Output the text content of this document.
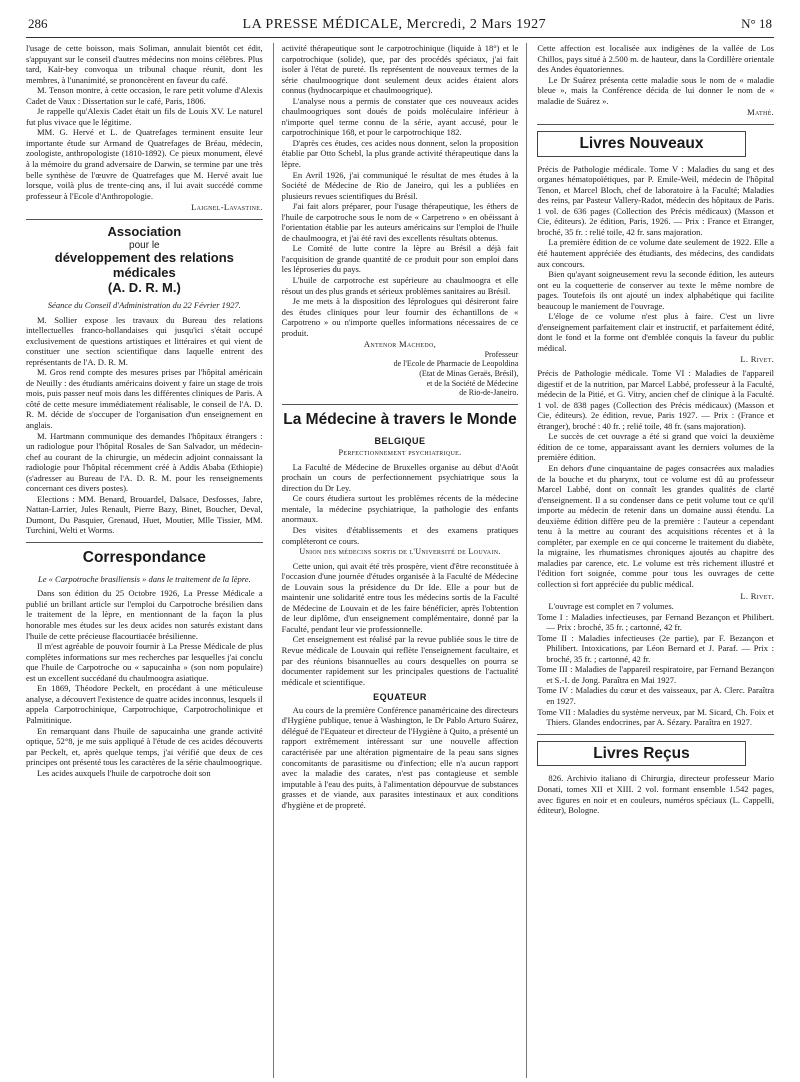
286	LA PRESSE MÉDICALE, Mercredi, 2 Mars 1927	N° 18

l'usage de cette boisson, mais Soliman, annulait bientôt cet édit, s'appuyant sur le conseil d'autres médecins non moins célèbres. Plus tard, Kaïr-bey convoqua un tribunal chaque réunit, dont les membres, à l'unanimité, se prononcèrent en faveur du café.

M. Tenson montre, à cette occasion, le rare petit volume d'Alexis Cadet de Vaux : Dissertation sur le café, Paris, 1806.

Je rappelle qu'Alexis Cadet était un fils de Louis XV. Le naturel fut plus vivace que le légitime.

MM. G. Hervé et L. de Quatrefages terminent ensuite leur importante étude sur Armand de Quatrefages de Bréau, médecin, zoologiste, anthropologiste (1810-1892). Ce pieux monument, élevé à la mémoire du grand adversaire de Darwin, se termine par une très belle synthèse de l'œuvre de Quatrefages que M. Hervé avait lue lorsque, voilà plus de trente-cinq ans, il lui avait succédé comme professeur à l'Ecole d'Anthropologie.

Laignel-Lavastine.
Association
pour le
développement des relations médicales
(A. D. R. M.)
Séance du Conseil d'Administration du 22 Février 1927.

M. Sollier expose les travaux du Bureau des relations intellectuelles franco-hollandaises qui jusqu'ici s'était occupé exclusivement de questions artistiques et littéraires et qui vient de constituer une section scientifique dans laquelle entrent des représentants de l'A. D. R. M.

M. Gros rend compte des mesures prises par l'hôpital américain de Neuilly : des étudiants américains doivent y faire un stage de trois mois, puis passer neuf mois dans les différentes cliniques de Paris. A côté de cette mesure immédiatement réalisable, le conseil de l'A. D. R. M. décide de s'occuper de l'organisation d'un enseignement en anglais.

M. Hartmann communique des demandes l'hôpitaux étrangers : un radiologue pour l'hôpital Rosales de San Salvador, un médecin-chef au courant de la chirurgie, un médecin adjoint connaissant la radiologie pour l'hôpital récemment créé à Addis Ababa (Ethiopie) (s'adresser au Bureau de l'A. D. R. M. pour les renseignements concernant ces divers postes).

Elections : MM. Benard, Brouardel, Dalsace, Desfosses, Jabre, Nattan-Larrier, Jules Renault, Pierre Bazy, Binet, Boucher, Deval, Dumont, Du Pasquier, Grenaud, Huet, Moutier, Mlle Tissier, MM. Turchini, Welti et Worms.

Correspondance
Le « Carpotroche brasiliensis » dans le traitement de la lèpre.

Dans son édition du 25 Octobre 1926, La Presse Médicale a publié un brillant article sur l'emploi du Carpotroche brésilien dans le traitement de la lèpre, en mentionnant de la façon la plus honorable mes études sur les deux acides non saturés existant dans l'huile de cette précieuse flacourtiacée brésilienne.

Il m'est agréable de pouvoir fournir à La Presse Médicale de plus complètes informations sur mes recherches par lesquelles j'ai conclu que l'huile de Carpotroche ou « sapucainha » (son nom populaire) est un excellent succédané du chaulmoogra asiatique.

En 1869, Théodore Peckelt, en procédant à une méticuleuse analyse, a découvert l'existence de quatre acides inconnus, lesquels il appela Carpotrochinique, Carpotrochique, Carpotrocholinique et Palmitinique.

En remarquant dans l'huile de sapucainha une grande activité optique, 52°8, je me suis appliqué à l'étude de ces acides découverts par Peckelt, et, après quelque temps, j'ai vérifié que deux de ces principes ont présenté tous les caractères de la série chaulmoogrique.

Les acides auxquels l'huile de carpotroche doit son

activité thérapeutique sont le carpotrochinique (liquide à 18°) et le carpotrochique (solide), que, par des procédés spéciaux, j'ai fait isoler à l'état de pureté. Ils représentent de nouveaux termes de la série chaulmoogrique dont seulement deux acides étaient alors connus (hydnocarpique et chaulmoogrique).

L'analyse nous a permis de constater que ces nouveaux acides chaulmoogriques sont doués de poids moléculaire inférieur à n'importe quel terme connu de la série, ayant accusé, pour le carpotrochinique 168, et pour le carpotrochique 182.

D'après ces études, ces acides nous donnent, selon la proposition établie par Otto Schebl, la plus grande activité thérapeutique dans la lèpre.

En Avril 1926, j'ai communiqué le résultat de mes études à la Société de Médecine de Rio de Janeiro, qui les a publiées en plusieurs revues scientifiques du Brésil.

J'ai fait alors préparer, pour l'usage thérapeutique, les éthers de l'huile de carpotroche sous le nom de « Carpetreno » en obéissant à l'orientation établie par les auteurs américains sur l'emploi de l'huile de chaulmoogra, et j'ai été ravi des excellents résultats obtenus.

Le Comité de lutte contre la lèpre au Brésil a déjà fait l'acquisition de grande quantité de ce produit pour son emploi dans les léproseries du pays.

L'huile de carpotroche est supérieure au chaulmoogra et elle résout un des plus grands et sérieux problèmes sanitaires au Brésil.

Je me mets à la disposition des léprologues qui désireront faire des études cliniques pour leur fournir des échantillons de « Carpotreno » ou n'importe quelles informations nécessaires de ce produit.

Antenor Machedo,
Professeur
de l'Ecole de Pharmacie de Leopoldina
(Etat de Minas Geraës, Brésil),
et de la Société de Médecine
de Rio-de-Janeiro.
La Médecine à travers le Monde
BELGIQUE
Perfectionnement psychiatrique.

La Faculté de Médecine de Bruxelles organise au début d'Août prochain un cours de perfectionnement psychiatrique sous la direction du Dr Ley.

Ce cours étudiera surtout les problèmes récents de la médecine mentale, la médecine psychiatrique, la pathologie des enfants anormaux.

Des visites d'établissements et des examens pratiques compléteront ce cours.

Union des médecins sortis de l'Université de Louvain.

Cette union, qui avait été très prospère, vient d'être reconstituée à l'occasion d'une journée d'études organisée à la Faculté de Médecine de Louvain sous la présidence du Dr Ide. Elle a pour but de maintenir une solidarité entre tous les médecins sortis de la Faculté de Médecine de Louvain et de les faire bénéficier, après l'obtention de leur diplôme, d'un enseignement complémentaire, donné par la Faculté, pendant leur vie professionnelle.

Cet enseignement est réalisé par la revue publiée sous le titre de Revue médicale de Louvain qui reflète l'enseignement facultaire, et par des réunions bisannuelles au cours desquelles on pourra se documenter rapidement sur les principales questions de l'actualité médicale et scientifique.

EQUATEUR

Au cours de la première Conférence panaméricaine des directeurs d'Hygiène publique, tenue à Washington, le Dr Pablo Arturo Suárez, délégué de l'Equateur et directeur de l'Hygiène à Quito, a présenté un rapport extrêmement intéressant sur une nouvelle affection caractérisée par une altération pigmentaire de la peau sans signes concomitants de parasitisme ou d'infection; elle n'a aucun rapport avec la maladie des carates, n'est pas contagieuse et semble imputable à l'eau des puits, à l'alimentation dépourvue de substances grasses et de viande, aux parasites intestinaux et aux conditions d'hygiène et de propreté.

Cette affection est localisée aux indigènes de la vallée de Los Chillos, pays situé à 2.500 m. de hauteur, dans la Cordillère orientale des Andes équatoriennes.

Le Dr Suárez présenta cette maladie sous le nom de « maladie bleue », mais la Conférence décida de lui donner le nom de « maladie de Suárez ».

Mathé.
Livres Nouveaux

Précis de Pathologie médicale. Tome V : Maladies du sang et des organes hématopoïétiques, par P. Emile-Weil, médecin de l'hôpital Tenon, et Marcel Bloch, chef de laboratoire à la Faculté; Maladies des reins, par Pasteur Vallery-Radot, médecin des hôpitaux de Paris. 1 vol. de 636 pages (Collection des Précis médicaux) (Masson et Cie, éditeurs). 2e édition, Paris, 1926. — Prix : France et Etranger, broché, 35 fr. : relié toile, 42 fr. sans majoration.

La première édition de ce volume date seulement de 1922. Elle a été hautement appréciée des étudiants, des médecins, des candidats aux concours.

Bien qu'ayant soigneusement revu la seconde édition, les auteurs ont eu la coquetterie de conserver au texte le même nombre de pages. Toutefois ils ont ajouté un index alphabétique qui facilite beaucoup le maniement de l'ouvrage.

L'éloge de ce volume n'est plus à faire. C'est un livre d'enseignement parfaitement clair et instructif, et parfaitement édité, dont le fond et la forme ont d'emblée conquis la faveur du public médical.

L. Rivet.

Précis de Pathologie médicale. Tome VI : Maladies de l'appareil digestif et de la nutrition, par Marcel Labbé, professeur à la Faculté, médecin de la Pitié, et G. Vitry, ancien chef de clinique à la Faculté. 1 vol. de 838 pages (Collection des Précis médicaux) (Masson et Cie, éditeurs). 2e édition, revue, Paris 1927. — Prix : (France et étranger), broché : 40 fr. ; relié toile, 48 fr. (sans majoration).

Le succès de cet ouvrage a été si grand que voici la deuxième édition de ce tome, apparaissant avant les derniers volumes de la première édition.

En dehors d'une cinquantaine de pages consacrées aux maladies de la bouche et du pharynx, tout ce volume est dû au professeur Marcel Labbé, dont on connaît les grandes qualités de clarté d'enseignement. Il a su condenser dans ce petit volume tout ce qu'il importe au médecin de retenir dans un domaine aussi étendu. La deuxième édition diffère peu de la première : l'auteur a cependant tenu à la mettre au courant des acquisitions récentes et à la compléter, par exemple en ce qui concerne le traitement du diabète, la migraine, les rhumatismes chroniques ajoutés au chapitre des maladies par carence, etc. Le volume est très richement illustré et l'édition fort soignée, comme pour tous les ouvrages de cette collection si fort appréciée du public médical.

L. Rivet.

L'ouvrage est complet en 7 volumes.

Tome I : Maladies infectieuses, par Fernand Bezançon et Philibert. — Prix : broché, 35 fr. ; cartonné, 42 fr.

Tome II : Maladies infectieuses (2e partie), par F. Bezançon et Philibert. Intoxications, par Léon Bernard et J. Paraf. — Prix : broché, 35 fr. ; cartonné, 42 fr.

Tome III : Maladies de l'appareil respiratoire, par Fernand Bezançon et S.-I. de Jong. Paraîtra en Mai 1927.

Tome IV : Maladies du cœur et des vaisseaux, par A. Clerc. Paraîtra en 1927.

Tome VII : Maladies du système nerveux, par M. Sicard, Ch. Foix et Thiers. Glandes endocrines, par A. Sézary. Paraîtra en 1927.

Livres Reçus

826. Archivio italiano di Chirurgia, directeur professeur Mario Donati, tomes XII et XIII. 2 vol. formant ensemble 1.542 pages, avec figures en noir et en couleurs, numéros spéciaux (L. Cappelli, éditeur), Bologne.
